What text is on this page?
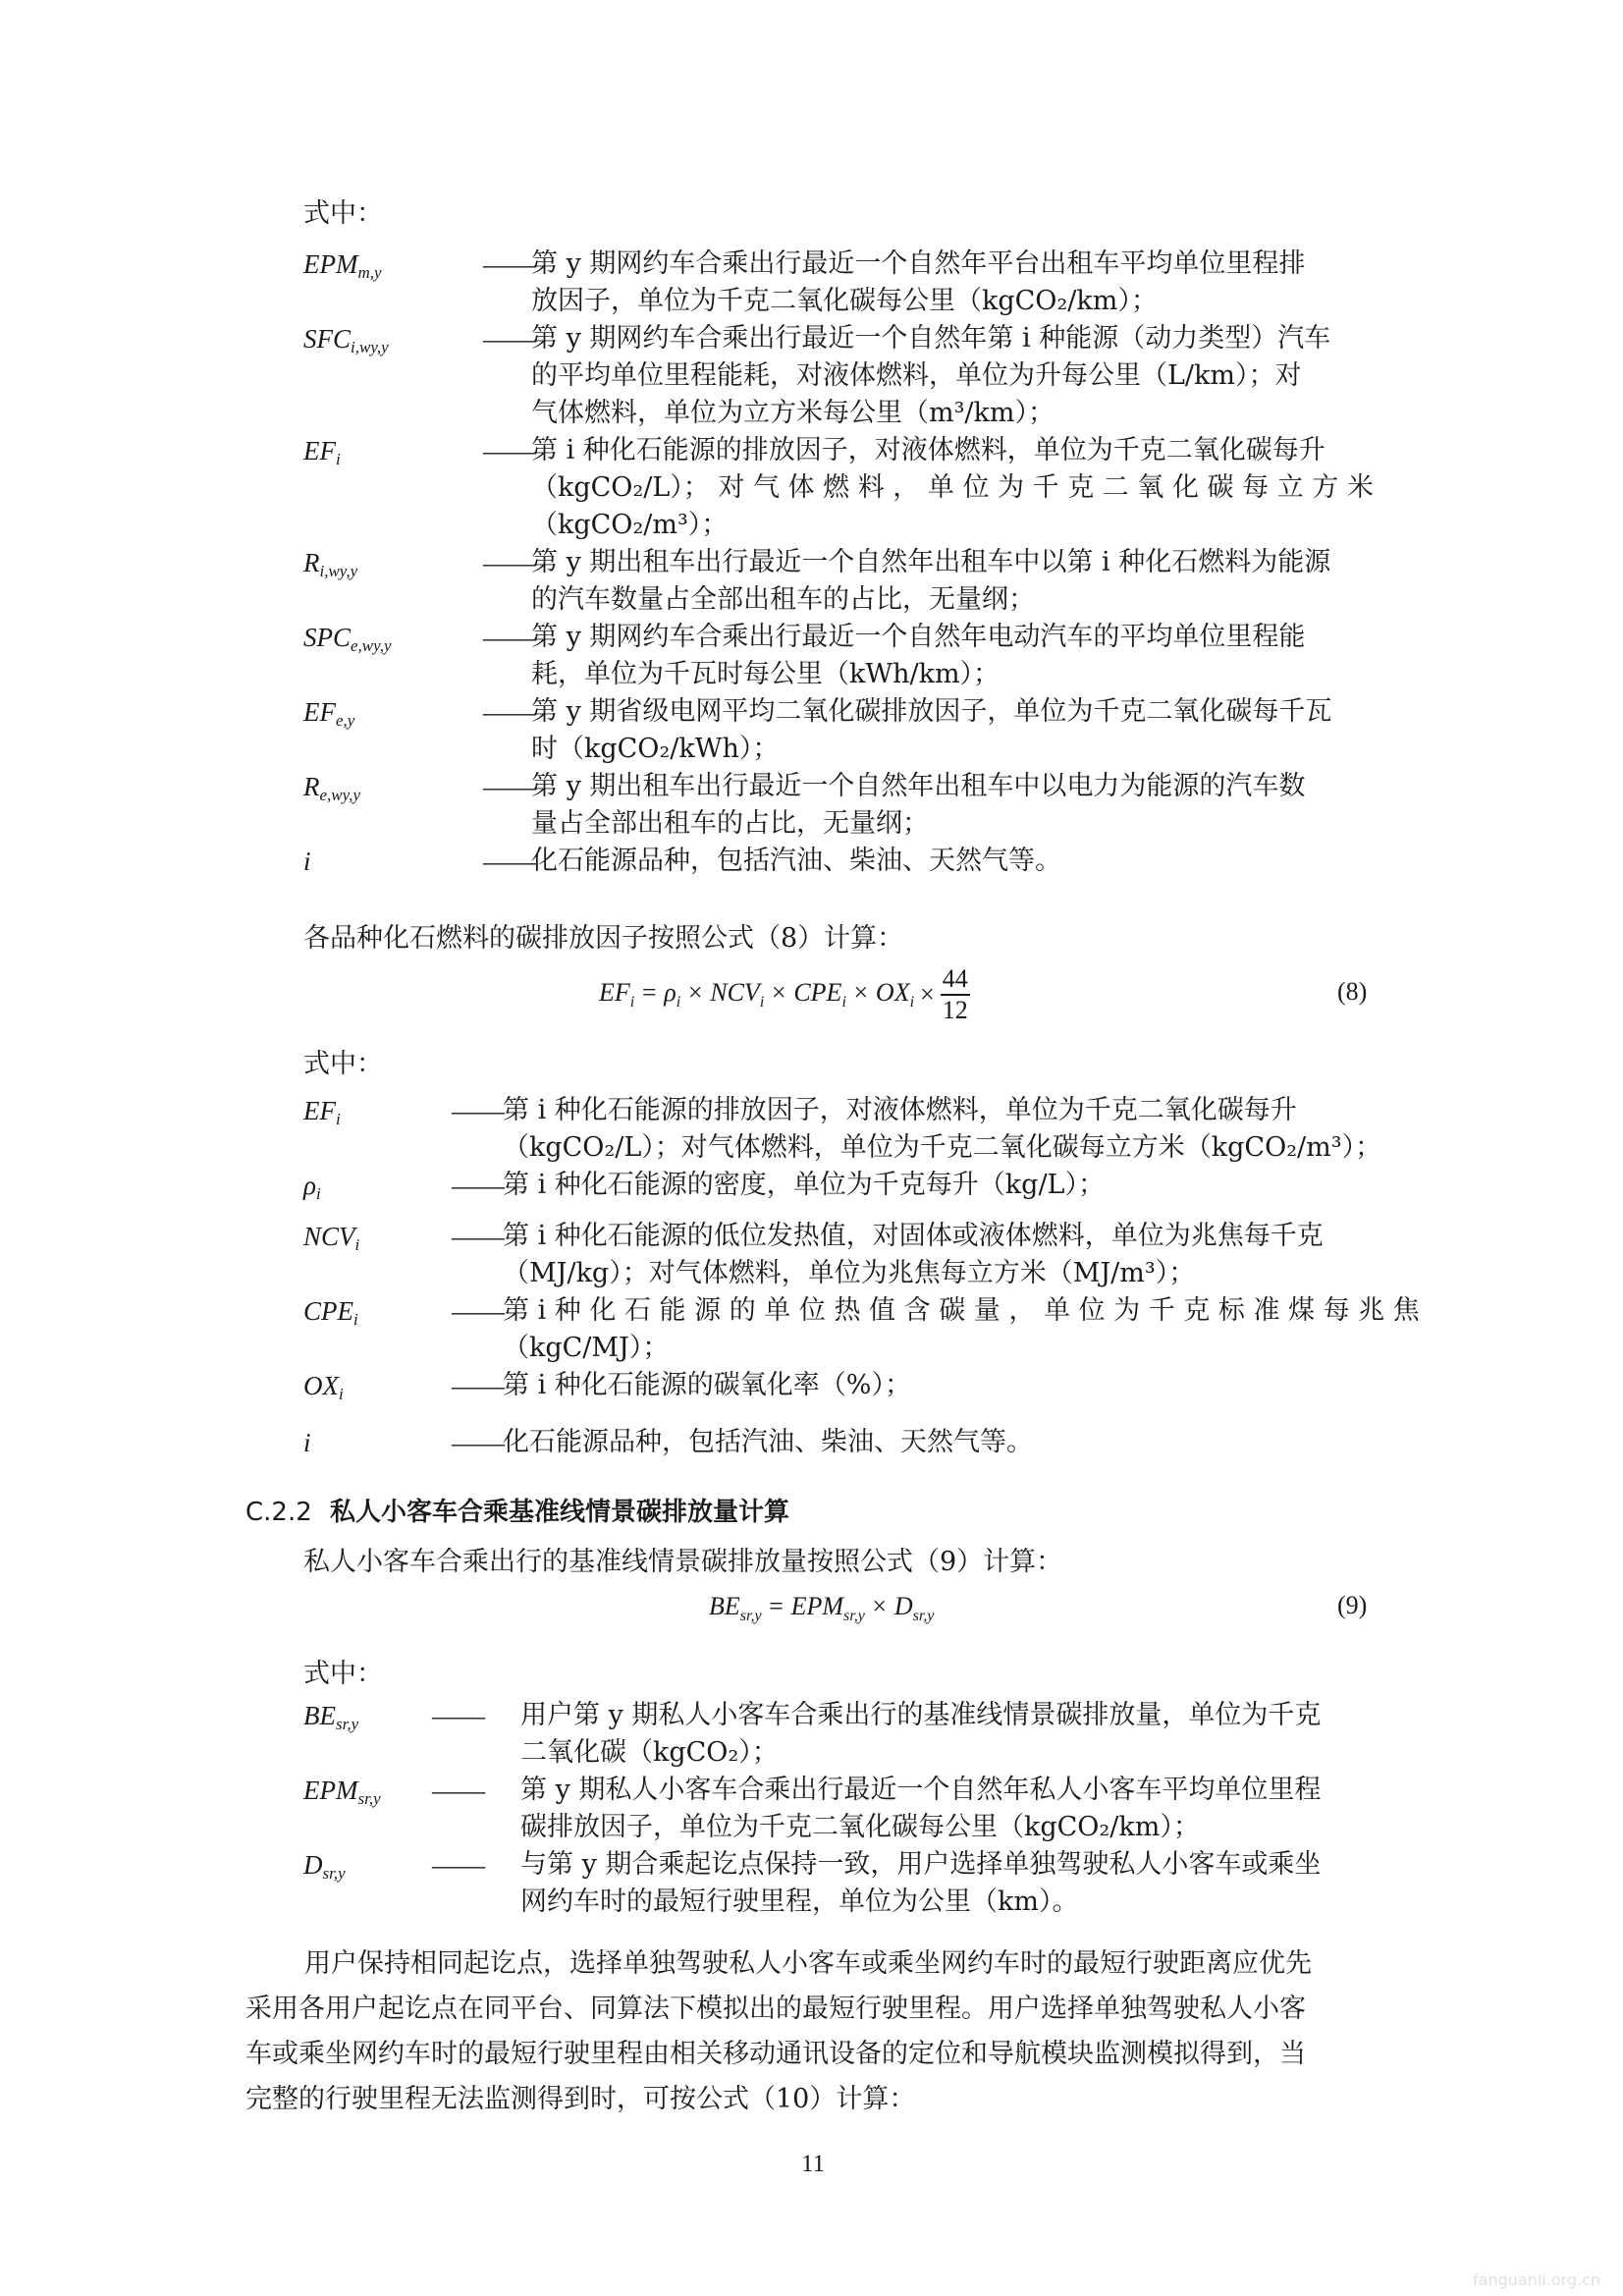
式中：
$EPM_{m,y}$	——

第 y 期网约车合乘出行最近一个自然年平台出租车平均单位里程排

放因子，单位为千克二氧化碳每公里（kgCO₂/km）；

$SFC_{i,wy,y}$	——

第 y 期网约车合乘出行最近一个自然年第 i 种能源（动力类型）汽车

的平均单位里程能耗，对液体燃料，单位为升每公里（L/km）；对

气体燃料，单位为立方米每公里（m³/km）；

$EF_i$	——

第 i 种化石能源的排放因子，对液体燃料，单位为千克二氧化碳每升

（kgCO₂/L）； 对 气 体 燃 料 ， 单 位 为 千 克 二 氧 化 碳 每 立 方 米

（kgCO₂/m³）；

$R_{i,wy,y}$	——

第 y 期出租车出行最近一个自然年出租车中以第 i 种化石燃料为能源

的汽车数量占全部出租车的占比，无量纲；

$SPC_{e,wy,y}$	——

第 y 期网约车合乘出行最近一个自然年电动汽车的平均单位里程能

耗，单位为千瓦时每公里（kWh/km）；

$EF_{e,y}$	——

第 y 期省级电网平均二氧化碳排放因子，单位为千克二氧化碳每千瓦

时（kgCO₂/kWh）；

$R_{e,wy,y}$	——

第 y 期出租车出行最近一个自然年出租车中以电力为能源的汽车数

量占全部出租车的占比，无量纲；

i	——

化石能源品种，包括汽油、柴油、天然气等。

各品种化石燃料的碳排放因子按照公式（8）计算：
$EF_i = \rho_i \times NCV_i \times CPE_i \times OX_i \times \frac{44}{12}$	(8)
式中：
$EF_i$	——

第 i 种化石能源的排放因子，对液体燃料，单位为千克二氧化碳每升

（kgCO₂/L）；对气体燃料，单位为千克二氧化碳每立方米（kgCO₂/m³）；

$\rho_i$	——

第 i 种化石能源的密度，单位为千克每升（kg/L）；

$NCV_i$	——

第 i 种化石能源的低位发热值，对固体或液体燃料，单位为兆焦每千克

（MJ/kg）；对气体燃料，单位为兆焦每立方米（MJ/m³）；

$CPE_i$	——

第 i 种 化 石 能 源 的 单 位 热 值 含 碳 量 ， 单 位 为 千 克 标 准 煤 每 兆 焦

（kgC/MJ）；

$OX_i$	——

第 i 种化石能源的碳氧化率（%）；

i	——

化石能源品种，包括汽油、柴油、天然气等。

C.2.2 私人小客车合乘基准线情景碳排放量计算
私人小客车合乘出行的基准线情景碳排放量按照公式（9）计算：
$BE_{sr,y} = EPM_{sr,y} \times D_{sr,y}$	(9)
式中：
$BE_{sr,y}$	—— 用户第 y 期私人小客车合乘出行的基准线情景碳排放量，单位为千克

二氧化碳（kgCO₂）；

$EPM_{sr,y}$ —— 第 y 期私人小客车合乘出行最近一个自然年私人小客车平均单位里程

碳排放因子，单位为千克二氧化碳每公里（kgCO₂/km）；

$D_{sr,y}$	—— 与第 y 期合乘起讫点保持一致，用户选择单独驾驶私人小客车或乘坐

网约车时的最短行驶里程，单位为公里（km）。

用户保持相同起讫点，选择单独驾驶私人小客车或乘坐网约车时的最短行驶距离应优先

采用各用户起讫点在同平台、同算法下模拟出的最短行驶里程。用户选择单独驾驶私人小客

车或乘坐网约车时的最短行驶里程由相关移动通讯设备的定位和导航模块监测模拟得到，当

完整的行驶里程无法监测得到时，可按公式（10）计算：

11
fanguanli.org.cn
